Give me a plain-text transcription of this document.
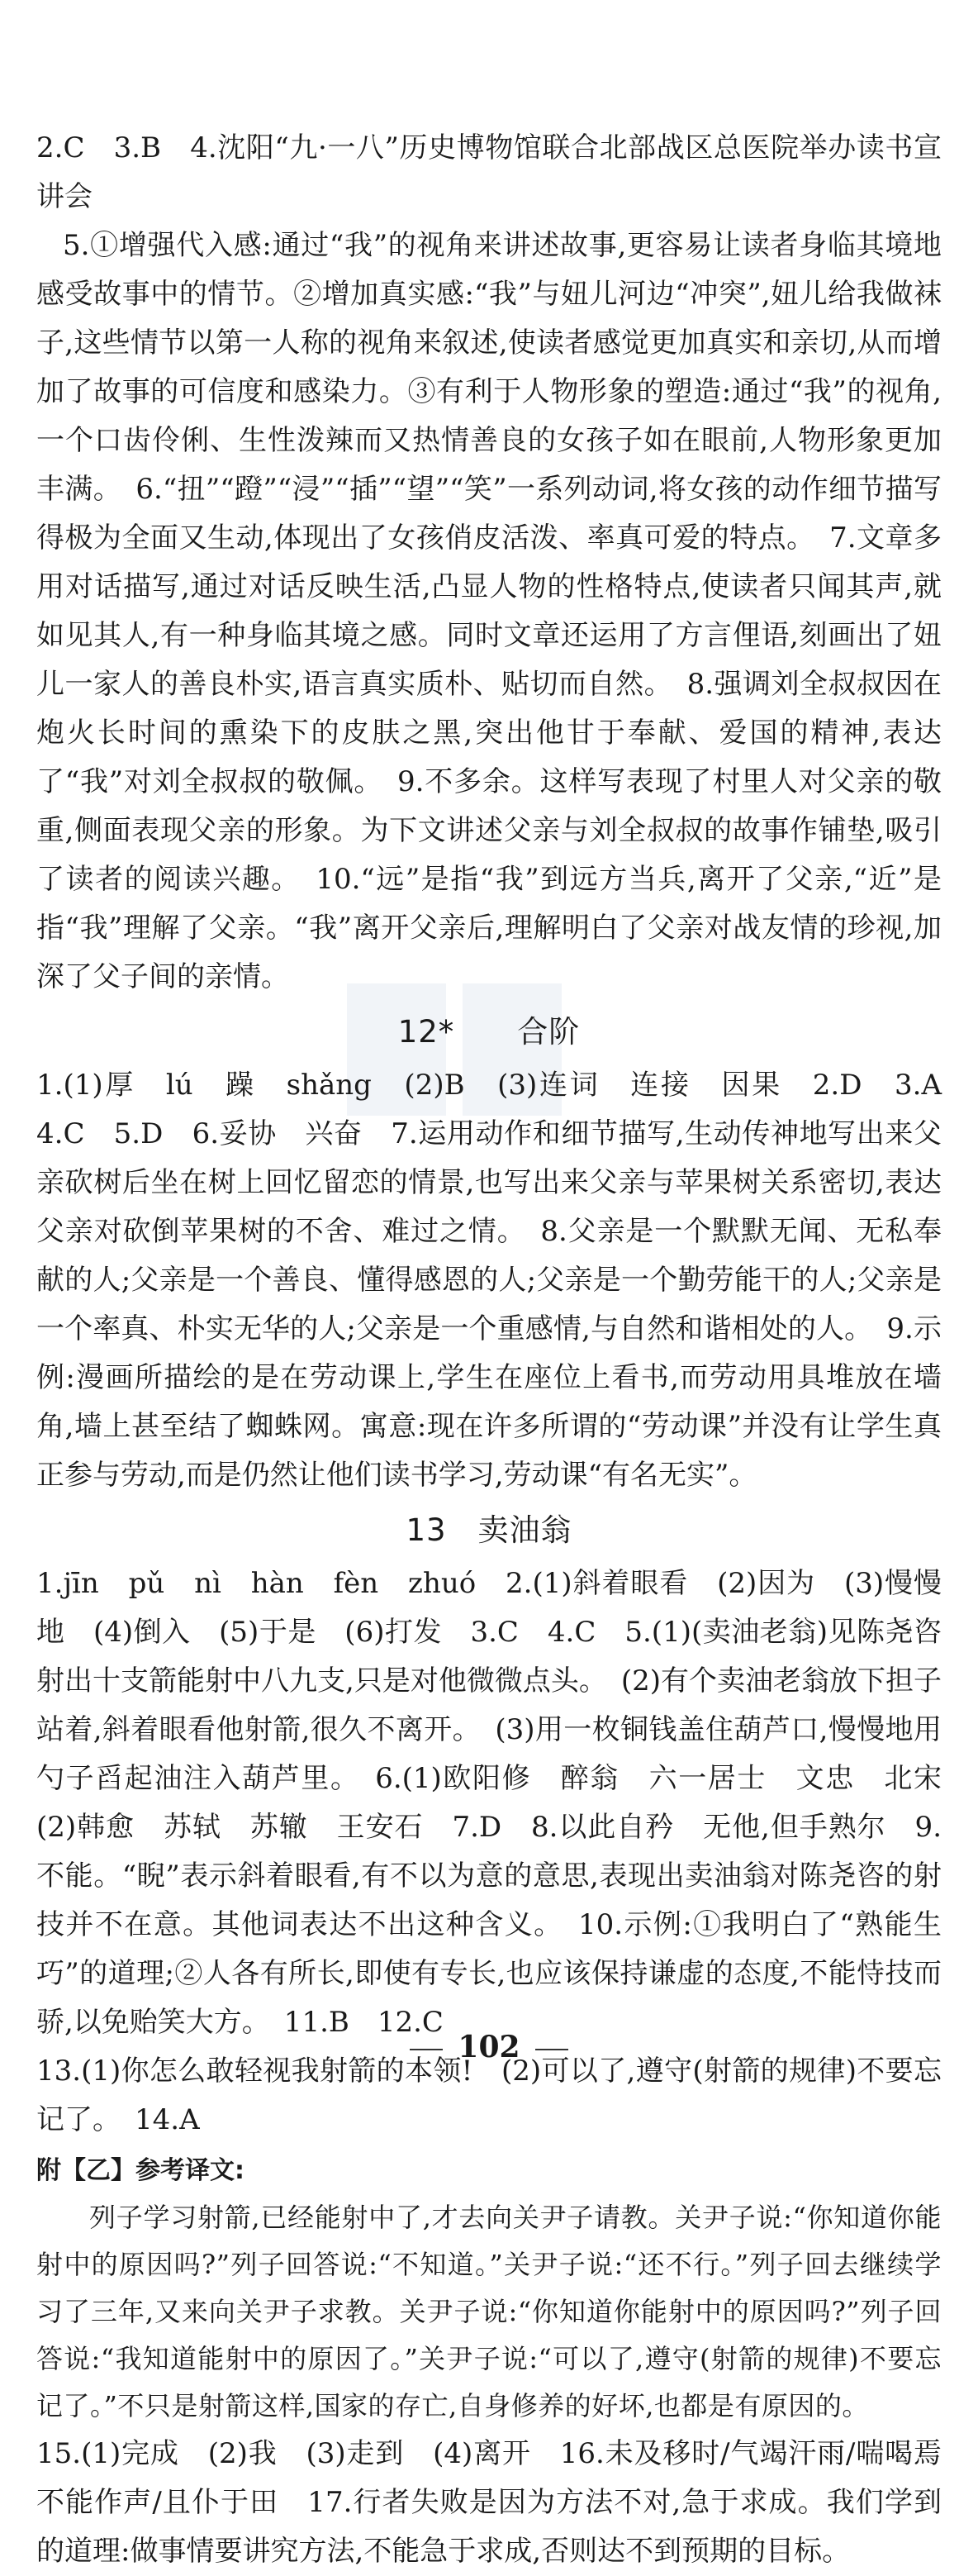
2.C　3.B　4.沈阳“九·一八”历史博物馆联合北部战区总医院举办读书宣讲会

5.①增强代入感:通过“我”的视角来讲述故事,更容易让读者身临其境地感受故事中的情节。②增加真实感:“我”与妞儿河边“冲突”,妞儿给我做袜子,这些情节以第一人称的视角来叙述,使读者感觉更加真实和亲切,从而增加了故事的可信度和感染力。③有利于人物形象的塑造:通过“我”的视角,一个口齿伶俐、生性泼辣而又热情善良的女孩子如在眼前,人物形象更加丰满。　6.“扭”“蹬”“浸”“插”“望”“笑”一系列动词,将女孩的动作细节描写得极为全面又生动,体现出了女孩俏皮活泼、率真可爱的特点。　7.文章多用对话描写,通过对话反映生活,凸显人物的性格特点,使读者只闻其声,就如见其人,有一种身临其境之感。同时文章还运用了方言俚语,刻画出了妞儿一家人的善良朴实,语言真实质朴、贴切而自然。　8.强调刘全叔叔因在炮火长时间的熏染下的皮肤之黑,突出他甘于奉献、爱国的精神,表达了“我”对刘全叔叔的敬佩。　9.不多余。这样写表现了村里人对父亲的敬重,侧面表现父亲的形象。为下文讲述父亲与刘全叔叔的故事作铺垫,吸引了读者的阅读兴趣。　10.“远”是指“我”到远方当兵,离开了父亲,“近”是指“我”理解了父亲。“我”离开父亲后,理解明白了父亲对战友情的珍视,加深了父子间的亲情。

12*　　合阶

1.(1)厚　lú　躁　shǎng　(2)B　(3)连词　连接　因果　2.D　3.A　4.C　5.D　6.妥协　兴奋　7.运用动作和细节描写,生动传神地写出来父亲砍树后坐在树上回忆留恋的情景,也写出来父亲与苹果树关系密切,表达父亲对砍倒苹果树的不舍、难过之情。　8.父亲是一个默默无闻、无私奉献的人;父亲是一个善良、懂得感恩的人;父亲是一个勤劳能干的人;父亲是一个率真、朴实无华的人;父亲是一个重感情,与自然和谐相处的人。　9.示例:漫画所描绘的是在劳动课上,学生在座位上看书,而劳动用具堆放在墙角,墙上甚至结了蜘蛛网。寓意:现在许多所谓的“劳动课”并没有让学生真正参与劳动,而是仍然让他们读书学习,劳动课“有名无实”。

13　卖油翁

1.jīn　pǔ　nì　hàn　fèn　zhuó　2.(1)斜着眼看　(2)因为　(3)慢慢地　(4)倒入　(5)于是　(6)打发　3.C　4.C　5.(1)(卖油老翁)见陈尧咨射出十支箭能射中八九支,只是对他微微点头。　(2)有个卖油老翁放下担子站着,斜着眼看他射箭,很久不离开。　(3)用一枚铜钱盖住葫芦口,慢慢地用勺子舀起油注入葫芦里。　6.(1)欧阳修　醉翁　六一居士　文忠　北宋　(2)韩愈　苏轼　苏辙　王安石　7.D　8.以此自矜　无他,但手熟尔　9.不能。“睨”表示斜着眼看,有不以为意的意思,表现出卖油翁对陈尧咨的射技并不在意。其他词表达不出这种含义。　10.示例:①我明白了“熟能生巧”的道理;②人各有所长,即使有专长,也应该保持谦虚的态度,不能恃技而骄,以免贻笑大方。　11.B　12.C

13.(1)你怎么敢轻视我射箭的本领!　(2)可以了,遵守(射箭的规律)不要忘记了。　14.A

附【乙】参考译文:

列子学习射箭,已经能射中了,才去向关尹子请教。关尹子说:“你知道你能射中的原因吗?”列子回答说:“不知道。”关尹子说:“还不行。”列子回去继续学习了三年,又来向关尹子求教。关尹子说:“你知道你能射中的原因吗?”列子回答说:“我知道能射中的原因了。”关尹子说:“可以了,遵守(射箭的规律)不要忘记了。”不只是射箭这样,国家的存亡,自身修养的好坏,也都是有原因的。

15.(1)完成　(2)我　(3)走到　(4)离开　16.未及移时/气竭汗雨/喘喝焉不能作声/且仆于田　17.行者失败是因为方法不对,急于求成。我们学到的道理:做事情要讲究方法,不能急于求成,否则达不到预期的目标。

102
